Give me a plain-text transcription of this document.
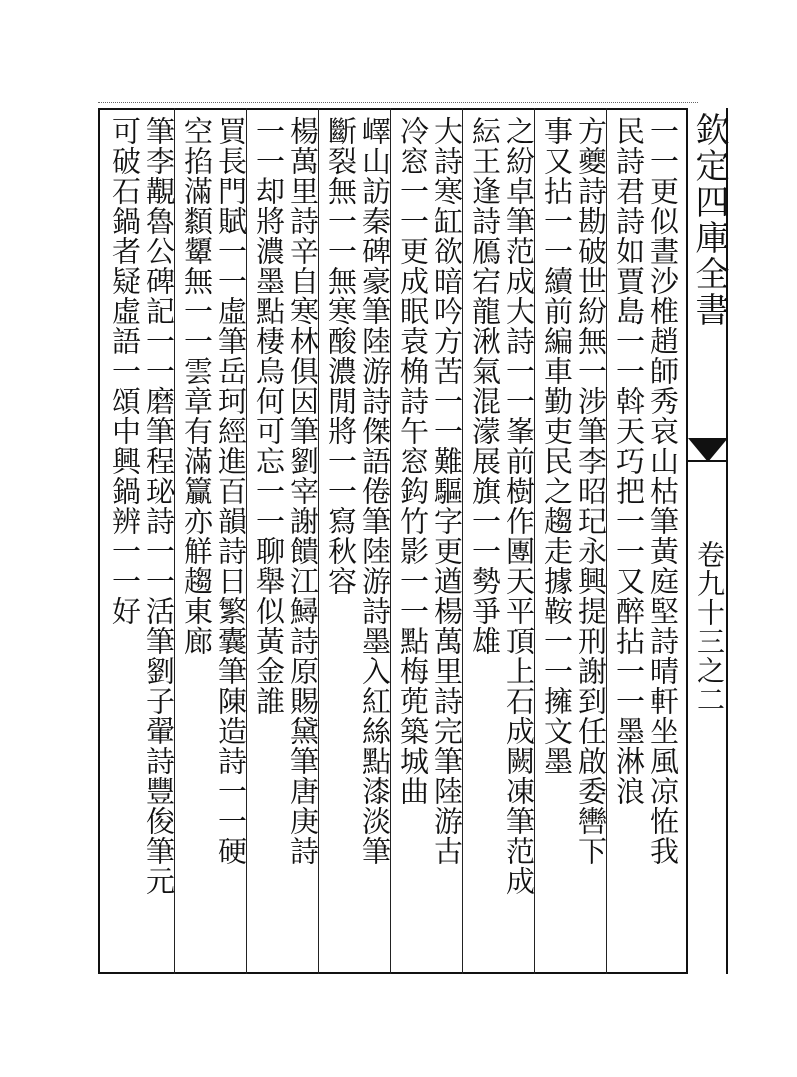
一一更似晝沙椎趙師秀哀山枯筆黃庭堅詩晴軒坐風凉恠我
民詩君詩如賈島一一斡天巧把一一又醉拈一一墨淋浪
方夔詩勘破世紛無一涉筆李昭玘永興提刑謝到任啟委轡下
事又拈一一續前編車勤吏民之趨走據鞍一一擁文墨
之紛卓筆范成大詩一一峯前樹作團天平頂上石成闕凍筆范成
紜王逢詩鴈宕龍湫氣混濛展旗一一勢爭雄
大詩寒缸欲暗吟方苦一一難驅字更遒楊萬里詩完筆陸游古
冷窓一一更成眠袁桷詩午窓鈎竹影一一點梅蔸築城曲
嶧山訪秦碑豪筆陸游詩傑語倦筆陸游詩墨入紅絲點漆淡筆
斷裂無一一無寒酸濃閒將一一寫秋容
楊萬里詩辛自寒林俱因筆劉宰謝饋江鱘詩原賜黛筆唐庚詩
一一却將濃墨點棲烏何可忘一一聊舉似黃金誰
買長門賦一一虛筆岳珂經進百韻詩日繁囊筆陳造詩一一硬
空掐滿纇顰無一一雲章有滿籯亦觧趨東廊
筆李覯魯公碑記一一磨筆程珌詩一一活筆劉子翬詩豐俊筆元
可破石鍋者疑虛語一頌中興鍋辨一一好	欽定四庫全書
卷九十三之二
